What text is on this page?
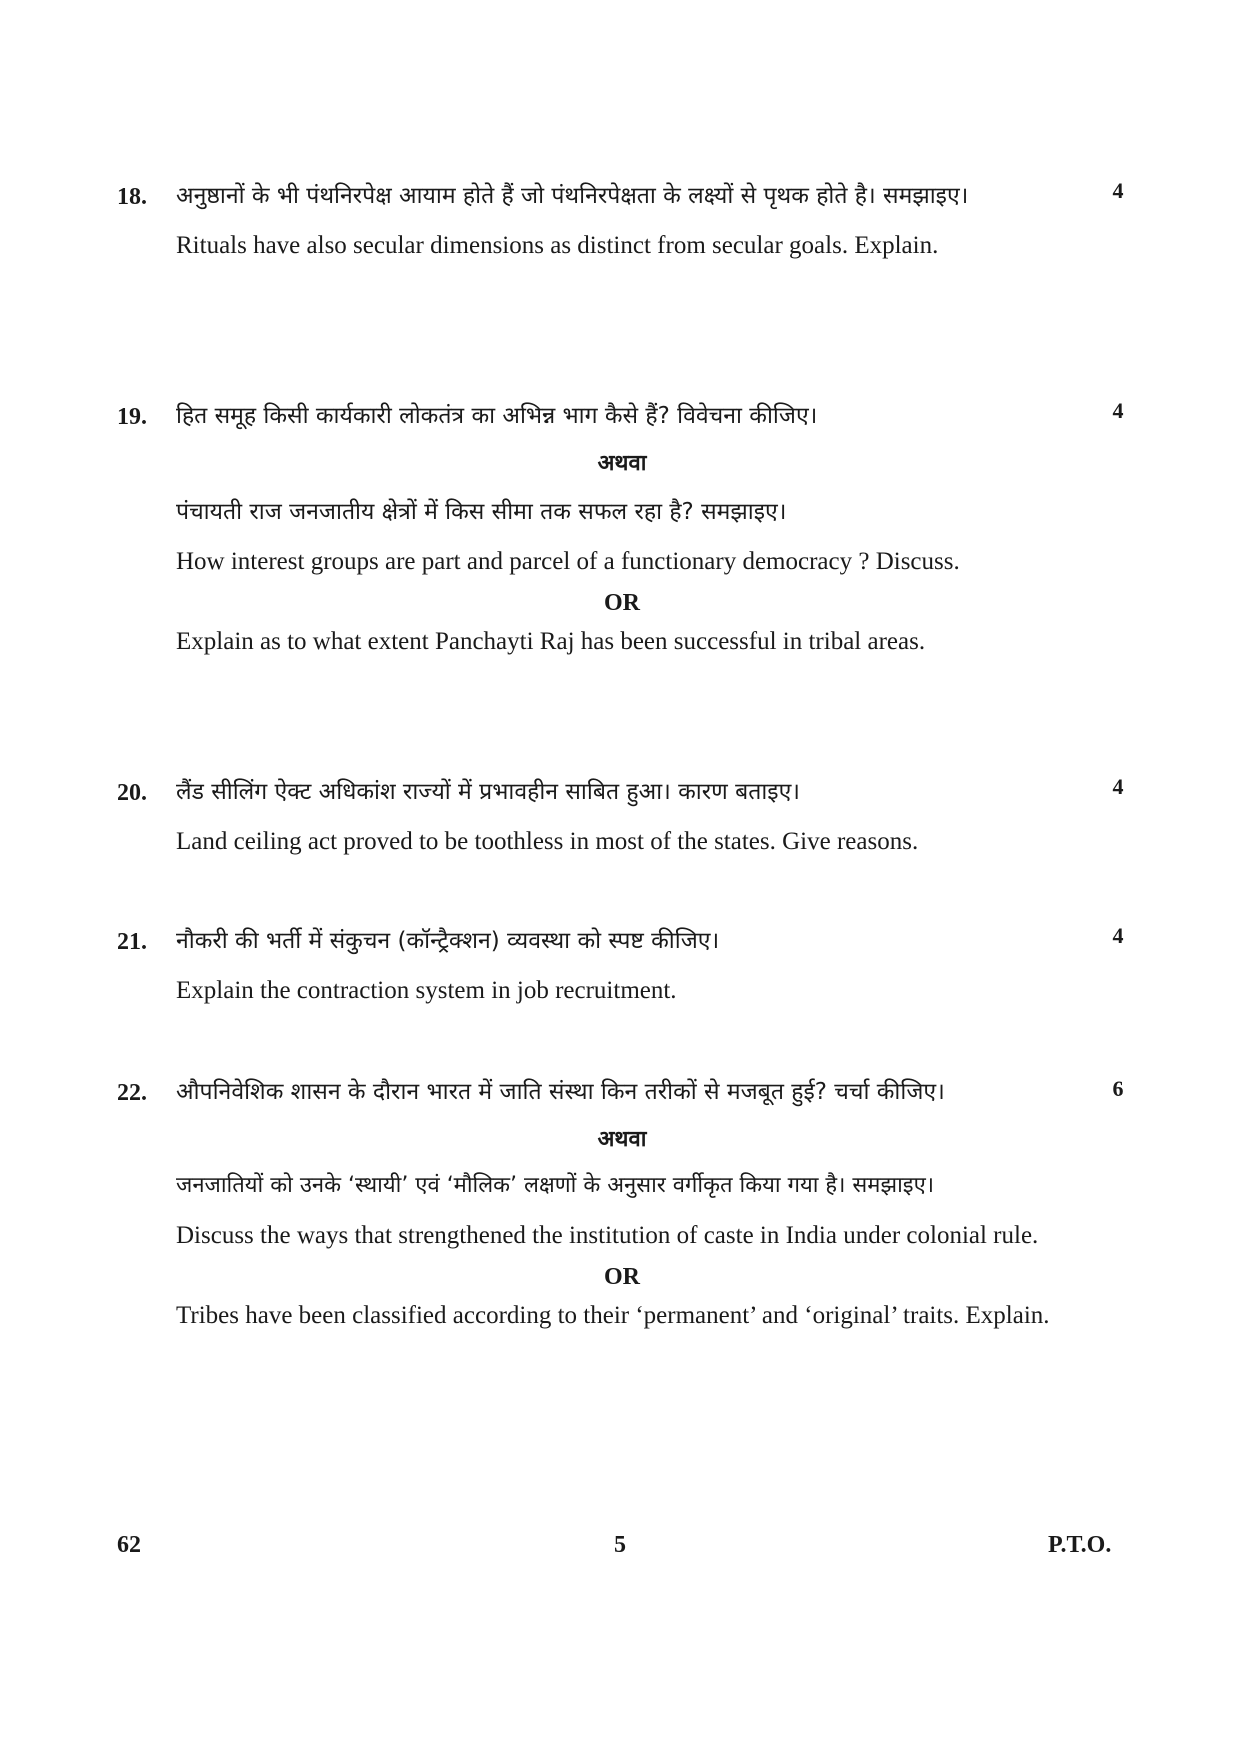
18.	4

अनुष्ठानों के भी पंथनिरपेक्ष आयाम होते हैं जो पंथनिरपेक्षता के लक्ष्यों से पृथक होते है। समझाइए।

Rituals have also secular dimensions as distinct from secular goals. Explain.

19.	4

हित समूह किसी कार्यकारी लोकतंत्र का अभिन्न भाग कैसे हैं? विवेचना कीजिए।

अथवा

पंचायती राज जनजातीय क्षेत्रों में किस सीमा तक सफल रहा है? समझाइए।

How interest groups are part and parcel of a functionary democracy ? Discuss.

OR

Explain as to what extent Panchayti Raj has been successful in tribal areas.

20.	4

लैंड सीलिंग ऐक्ट अधिकांश राज्यों में प्रभावहीन साबित हुआ। कारण बताइए।

Land ceiling act proved to be toothless in most of the states. Give reasons.

21.	4

नौकरी की भर्ती में संकुचन (कॉन्ट्रैक्शन) व्यवस्था को स्पष्ट कीजिए।

Explain the contraction system in job recruitment.

22.	6

औपनिवेशिक शासन के दौरान भारत में जाति संस्था किन तरीकों से मजबूत हुई? चर्चा कीजिए।

अथवा

जनजातियों को उनके ‘स्थायी’ एवं ‘मौलिक’ लक्षणों के अनुसार वर्गीकृत किया गया है। समझाइए।

Discuss the ways that strengthened the institution of caste in India under colonial rule.

OR

Tribes have been classified according to their ‘permanent’ and ‘original’ traits. Explain.

62	5	P.T.O.
